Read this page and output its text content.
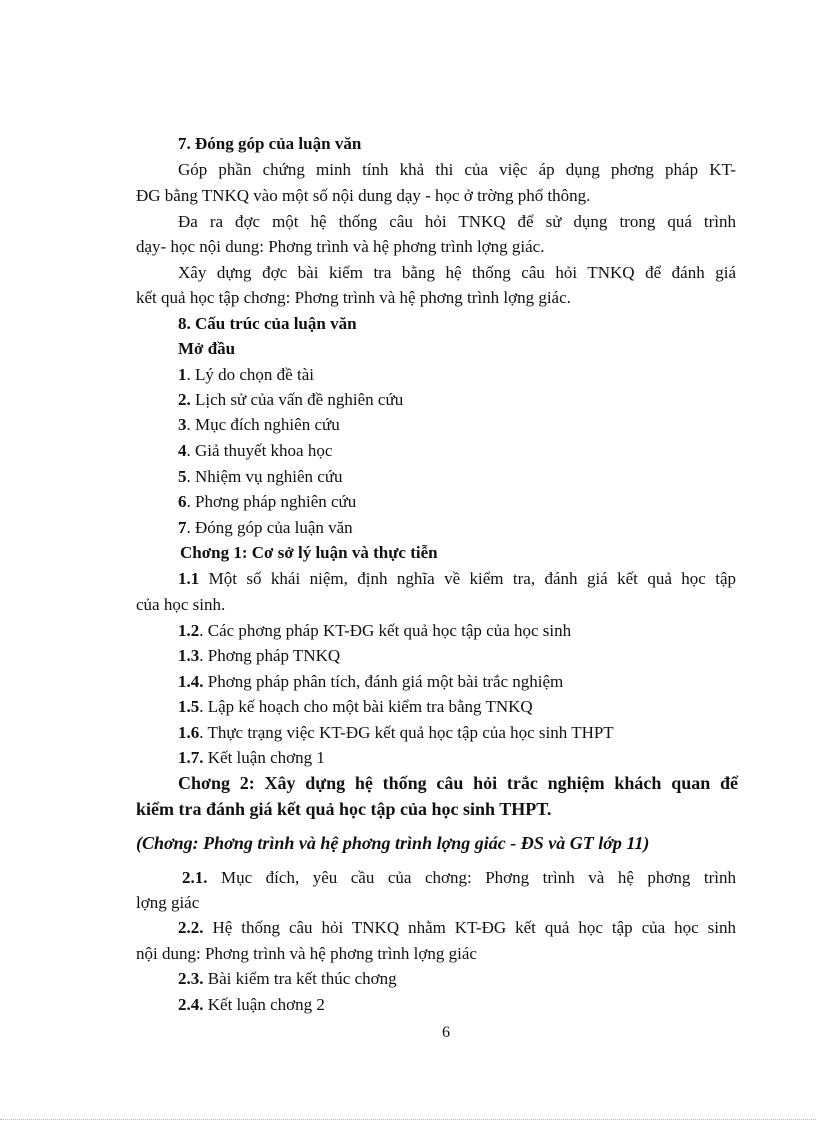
7. Đóng góp của luận văn
Góp phần chứng minh tính khả thi của việc áp dụng phơng pháp KT-
ĐG bằng TNKQ vào một số nội dung dạy - học ở trờng phổ thông.
Đa ra đợc một hệ thống câu hỏi TNKQ để sử dụng trong quá trình
dạy- học nội dung: Phơng trình và hệ phơng trình lợng giác.
Xây dựng đợc bài kiểm tra bằng hệ thống câu hỏi TNKQ để đánh giá
kết quả học tập chơng: Phơng trình và hệ phơng trình lợng giác.
8. Cấu trúc của luận văn
Mở đầu
1. Lý do chọn đề tài
2. Lịch sử của vấn đề nghiên cứu
3. Mục đích nghiên cứu
4. Giả thuyết khoa học
5. Nhiệm vụ nghiên cứu
6. Phơng pháp nghiên cứu
7. Đóng góp của luận văn
Chơng 1: Cơ sở lý luận và thực tiễn
1.1 Một số khái niệm, định nghĩa về kiểm tra, đánh giá kết quả học tập
của học sinh.
1.2. Các phơng pháp KT-ĐG kết quả học tập của học sinh
1.3. Phơng pháp TNKQ
1.4. Phơng pháp phân tích, đánh giá một bài trắc nghiệm
1.5. Lập kế hoạch cho một bài kiểm tra bằng TNKQ
1.6. Thực trạng việc KT-ĐG kết quả học tập của học sinh THPT
1.7. Kết luận chơng 1
Chơng 2: Xây dựng hệ thống câu hỏi trắc nghiệm khách quan để
kiểm tra đánh giá kết quả học tập của học sinh THPT.
(Chơng: Phơng trình và hệ phơng trình lợng giác - ĐS và GT lớp 11)
2.1. Mục đích, yêu cầu của chơng: Phơng trình và hệ phơng trình
lợng giác
2.2. Hệ thống câu hỏi TNKQ nhằm KT-ĐG kết quả học tập của học sinh
nội dung: Phơng trình và hệ phơng trình lợng giác
2.3. Bài kiểm tra kết thúc chơng
2.4. Kết luận chơng 2
6
